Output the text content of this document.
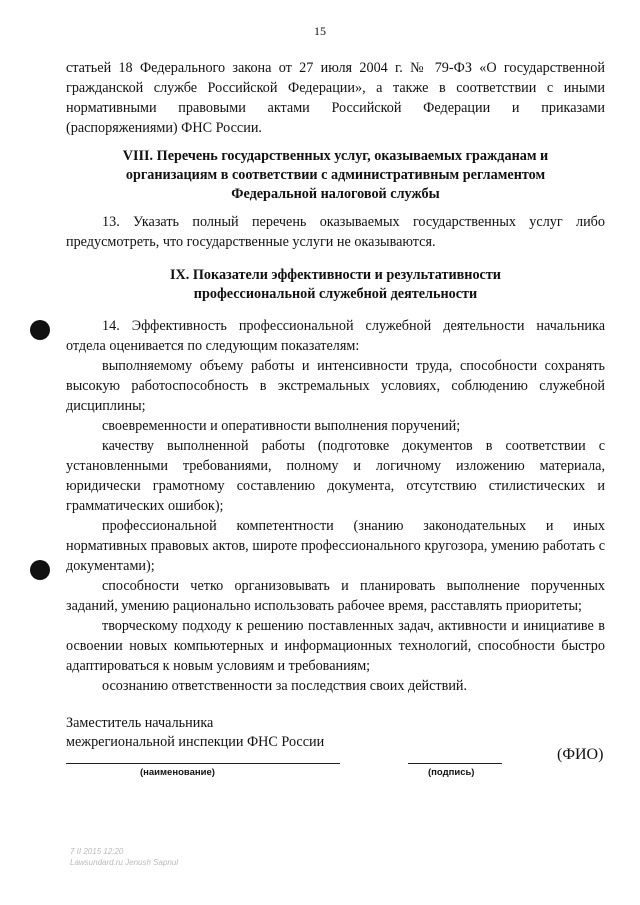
15

статьей 18 Федерального закона от 27 июля 2004 г. № 79-ФЗ «О государственной гражданской службе Российской Федерации», а также в соответствии с иными нормативными правовыми актами Российской Федерации и приказами (распоряжениями) ФНС России.

VIII. Перечень государственных услуг, оказываемых гражданам и
организациям в соответствии с административным регламентом
Федеральной налоговой службы

13. Указать полный перечень оказываемых государственных услуг либо предусмотреть, что государственные услуги не оказываются.

IX. Показатели эффективности и результативности
профессиональной служебной деятельности

14. Эффективность профессиональной служебной деятельности начальника отдела оценивается по следующим показателям:

выполняемому объему работы и интенсивности труда, способности сохранять высокую работоспособность в экстремальных условиях, соблюдению служебной дисциплины;

своевременности и оперативности выполнения поручений;

качеству выполненной работы (подготовке документов в соответствии с установленными требованиями, полному и логичному изложению материала, юридически грамотному составлению документа, отсутствию стилистических и грамматических ошибок);

профессиональной компетентности (знанию законодательных и иных нормативных правовых актов, широте профессионального кругозора, умению работать с документами);

способности четко организовывать и планировать выполнение порученных заданий, умению рационально использовать рабочее время, расставлять приоритеты;

творческому подходу к решению поставленных задач, активности и инициативе в освоении новых компьютерных и информационных технологий, способности быстро адаптироваться к новым условиям и требованиям;

осознанию ответственности за последствия своих действий.

Заместитель начальника
межрегиональной инспекции ФНС России
(наименование)	(подпись)
(ФИО)
7 II 2015 12:20
Lawsundard.ru Jenush Sapnul
